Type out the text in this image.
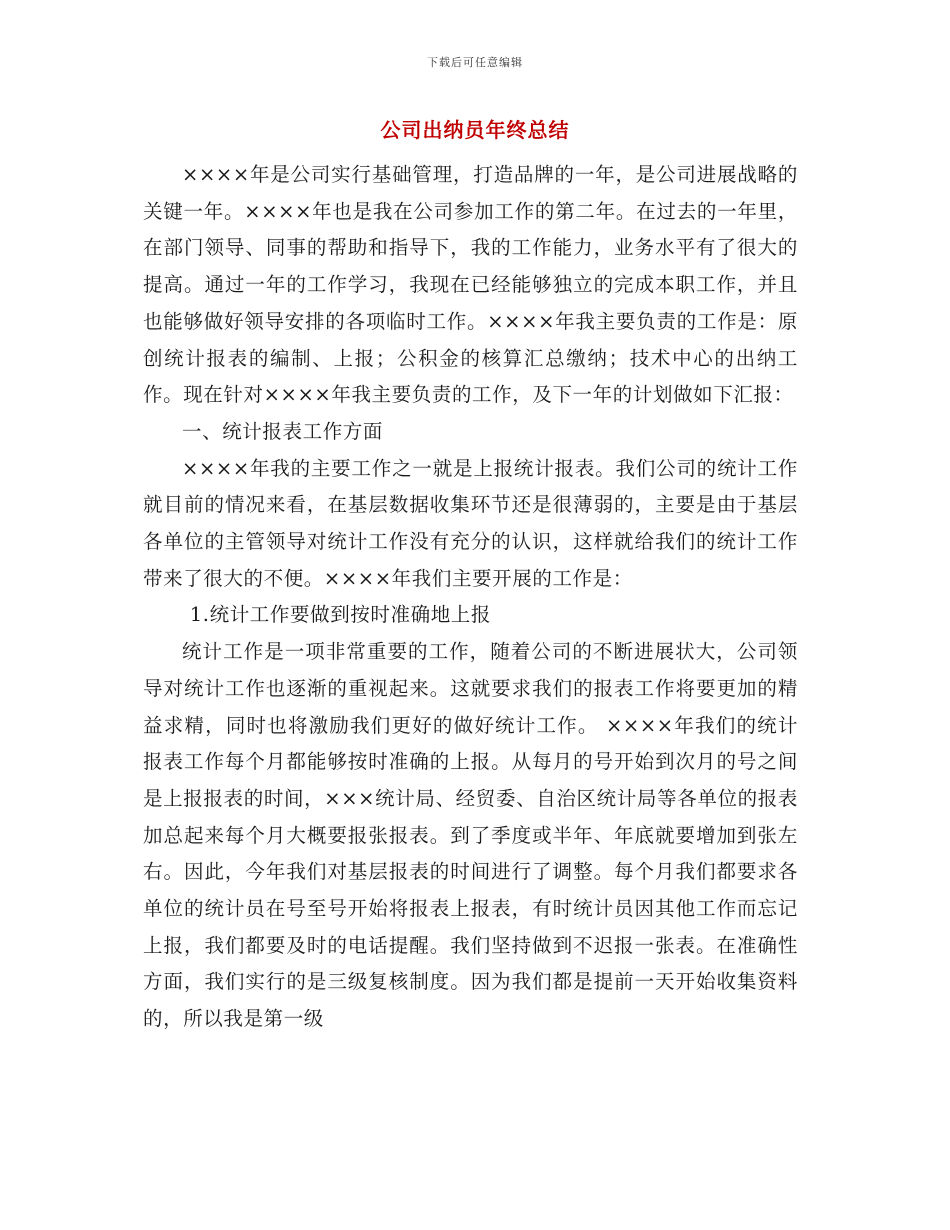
下载后可任意编辑
公司出纳员年终总结

××××年是公司实行基础管理，打造品牌的一年，是公司进展战略的关键一年。××××年也是我在公司参加工作的第二年。在过去的一年里，在部门领导、同事的帮助和指导下，我的工作能力，业务水平有了很大的提高。通过一年的工作学习，我现在已经能够独立的完成本职工作，并且也能够做好领导安排的各项临时工作。××××年我主要负责的工作是：原创统计报表的编制、上报；公积金的核算汇总缴纳；技术中心的出纳工作。现在针对××××年我主要负责的工作，及下一年的计划做如下汇报：

一、统计报表工作方面

××××年我的主要工作之一就是上报统计报表。我们公司的统计工作就目前的情况来看，在基层数据收集环节还是很薄弱的，主要是由于基层各单位的主管领导对统计工作没有充分的认识，这样就给我们的统计工作带来了很大的不便。××××年我们主要开展的工作是：

1.统计工作要做到按时准确地上报

统计工作是一项非常重要的工作，随着公司的不断进展状大，公司领导对统计工作也逐渐的重视起来。这就要求我们的报表工作将要更加的精益求精，同时也将激励我们更好的做好统计工作。 ××××年我们的统计报表工作每个月都能够按时准确的上报。从每月的号开始到次月的号之间是上报报表的时间，×××统计局、经贸委、自治区统计局等各单位的报表加总起来每个月大概要报张报表。到了季度或半年、年底就要增加到张左右。因此，今年我们对基层报表的时间进行了调整。每个月我们都要求各单位的统计员在号至号开始将报表上报表，有时统计员因其他工作而忘记上报，我们都要及时的电话提醒。我们坚持做到不迟报一张表。在准确性方面，我们实行的是三级复核制度。因为我们都是提前一天开始收集资料的，所以我是第一级
